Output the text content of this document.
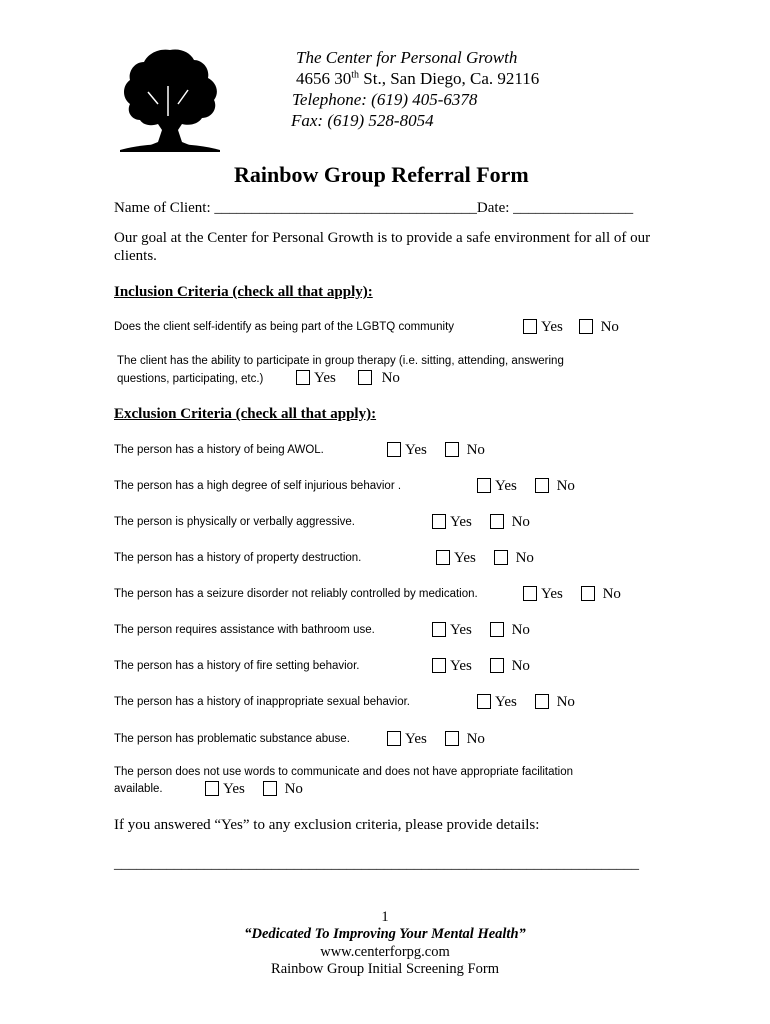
The Center for Personal Growth
4656 30th St., San Diego, Ca. 92116
Telephone: (619) 405-6378
Fax: (619) 528-8054
Rainbow Group Referral Form
Name of Client: ___________________________________Date: ________________
Our goal at the Center for Personal Growth is to provide a safe environment for all of our
clients.
Inclusion Criteria (check all that apply):
Does the client self-identify as being part of the LGBTQ community	Yes	No
The client has the ability to participate in group therapy (i.e. sitting, attending, answering
questions, participating, etc.)	Yes	No
Exclusion Criteria (check all that apply):
The person has a history of being AWOL.	Yes	No
The person has a high degree of self injurious behavior .	Yes	No
The person is physically or verbally aggressive.	Yes	No
The person has a history of property destruction.	Yes	No
The person has a seizure disorder not reliably controlled by medication.	Yes	No
The person requires assistance with bathroom use.	Yes	No
The person has a history of fire setting behavior.	Yes	No
The person has a history of inappropriate sexual behavior.	Yes	No
The person has problematic substance abuse.	Yes	No
The person does not use words to communicate and does not have appropriate facilitation
available.	Yes	No
If you answered “Yes” to any exclusion criteria, please provide details:
______________________________________________________________________
1
“Dedicated To Improving Your Mental Health”
www.centerforpg.com
Rainbow Group Initial Screening Form
